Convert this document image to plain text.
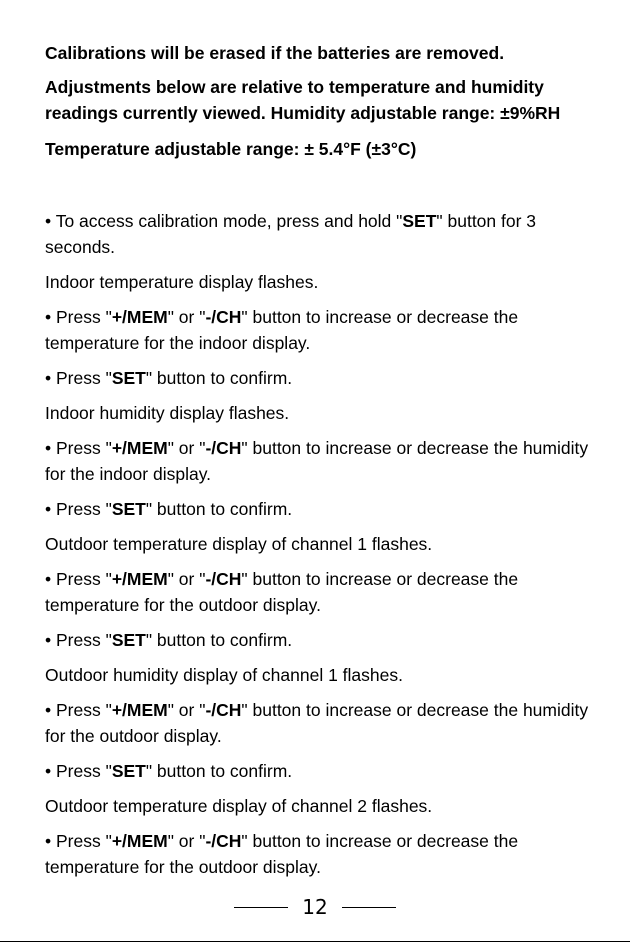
Calibrations will be erased if the batteries are removed.

Adjustments below are relative to temperature and humidity readings currently viewed. Humidity adjustable range: ±9%RH

Temperature adjustable range: ± 5.4°F (±3°C)

• To access calibration mode, press and hold "SET" button for 3 seconds.

Indoor temperature display flashes.

• Press "+/MEM" or "-/CH" button to increase or decrease the temperature for the indoor display.

• Press "SET" button to confirm.

Indoor humidity display flashes.

• Press "+/MEM" or "-/CH" button to increase or decrease the humidity for the indoor display.

• Press "SET" button to confirm.

Outdoor temperature display of channel 1 flashes.

• Press "+/MEM" or "-/CH" button to increase or decrease the temperature for the outdoor display.

• Press "SET" button to confirm.

Outdoor humidity display of channel 1 flashes.

• Press "+/MEM" or "-/CH" button to increase or decrease the humidity for the outdoor display.

• Press "SET" button to confirm.

Outdoor temperature display of channel 2 flashes.

• Press "+/MEM" or "-/CH" button to increase or decrease the temperature for the outdoor display.

12
